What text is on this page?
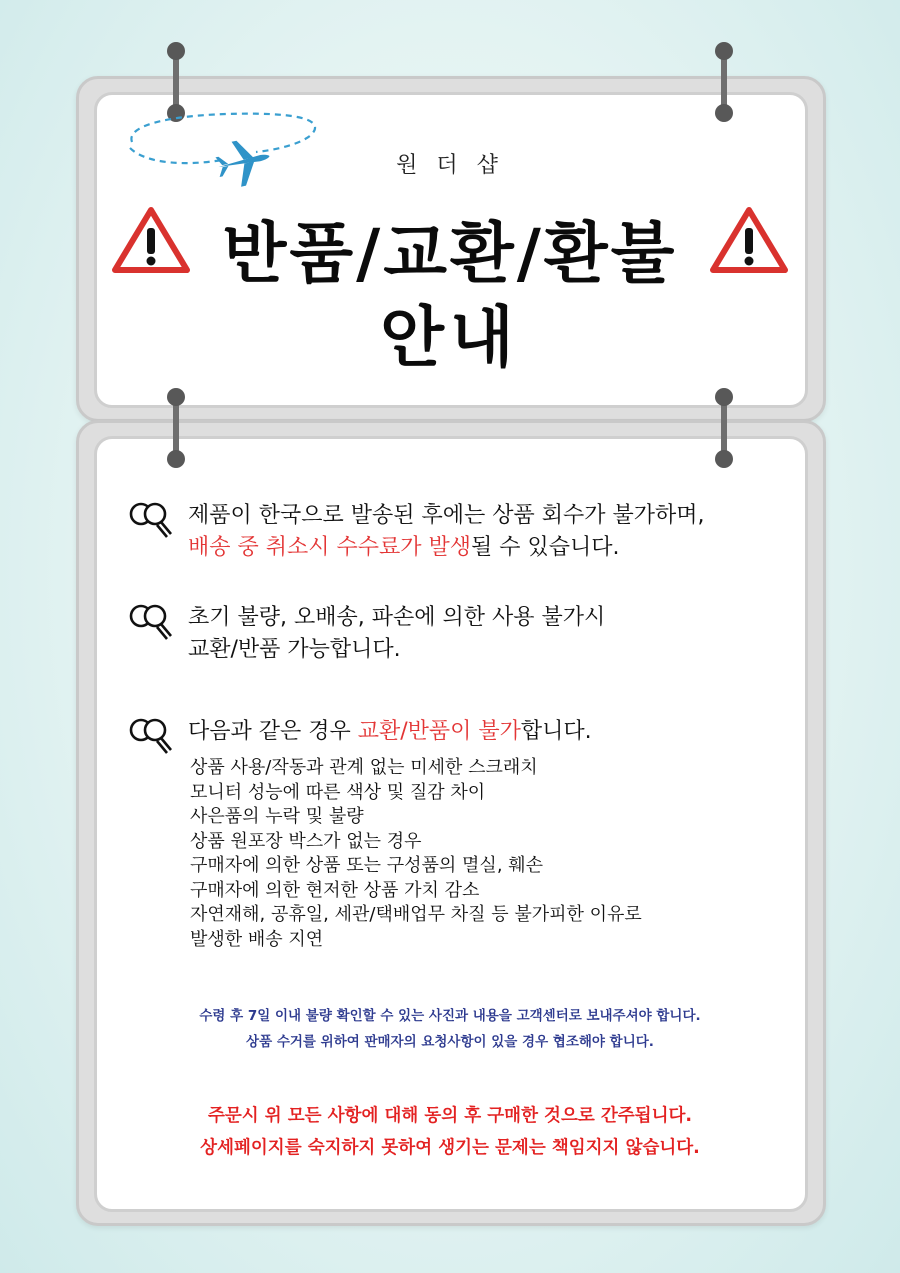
원 더 샵
반품/교환/환불
안내
제품이 한국으로 발송된 후에는 상품 회수가 불가하며,
배송 중 취소시 수수료가 발생될 수 있습니다.
초기 불량, 오배송, 파손에 의한 사용 불가시
교환/반품 가능합니다.
다음과 같은 경우 교환/반품이 불가합니다.
상품 사용/작동과 관계 없는 미세한 스크래치
모니터 성능에 따른 색상 및 질감 차이
사은품의 누락 및 불량
상품 원포장 박스가 없는 경우
구매자에 의한 상품 또는 구성품의 멸실, 훼손
구매자에 의한 현저한 상품 가치 감소
자연재해, 공휴일, 세관/택배업무 차질 등 불가피한 이유로
발생한 배송 지연
수령 후 7일 이내 불량 확인할 수 있는 사진과 내용을 고객센터로 보내주셔야 합니다.
상품 수거를 위하여 판매자의 요청사항이 있을 경우 협조해야 합니다.
주문시 위 모든 사항에 대해 동의 후 구매한 것으로 간주됩니다.
상세페이지를 숙지하지 못하여 생기는 문제는 책임지지 않습니다.
